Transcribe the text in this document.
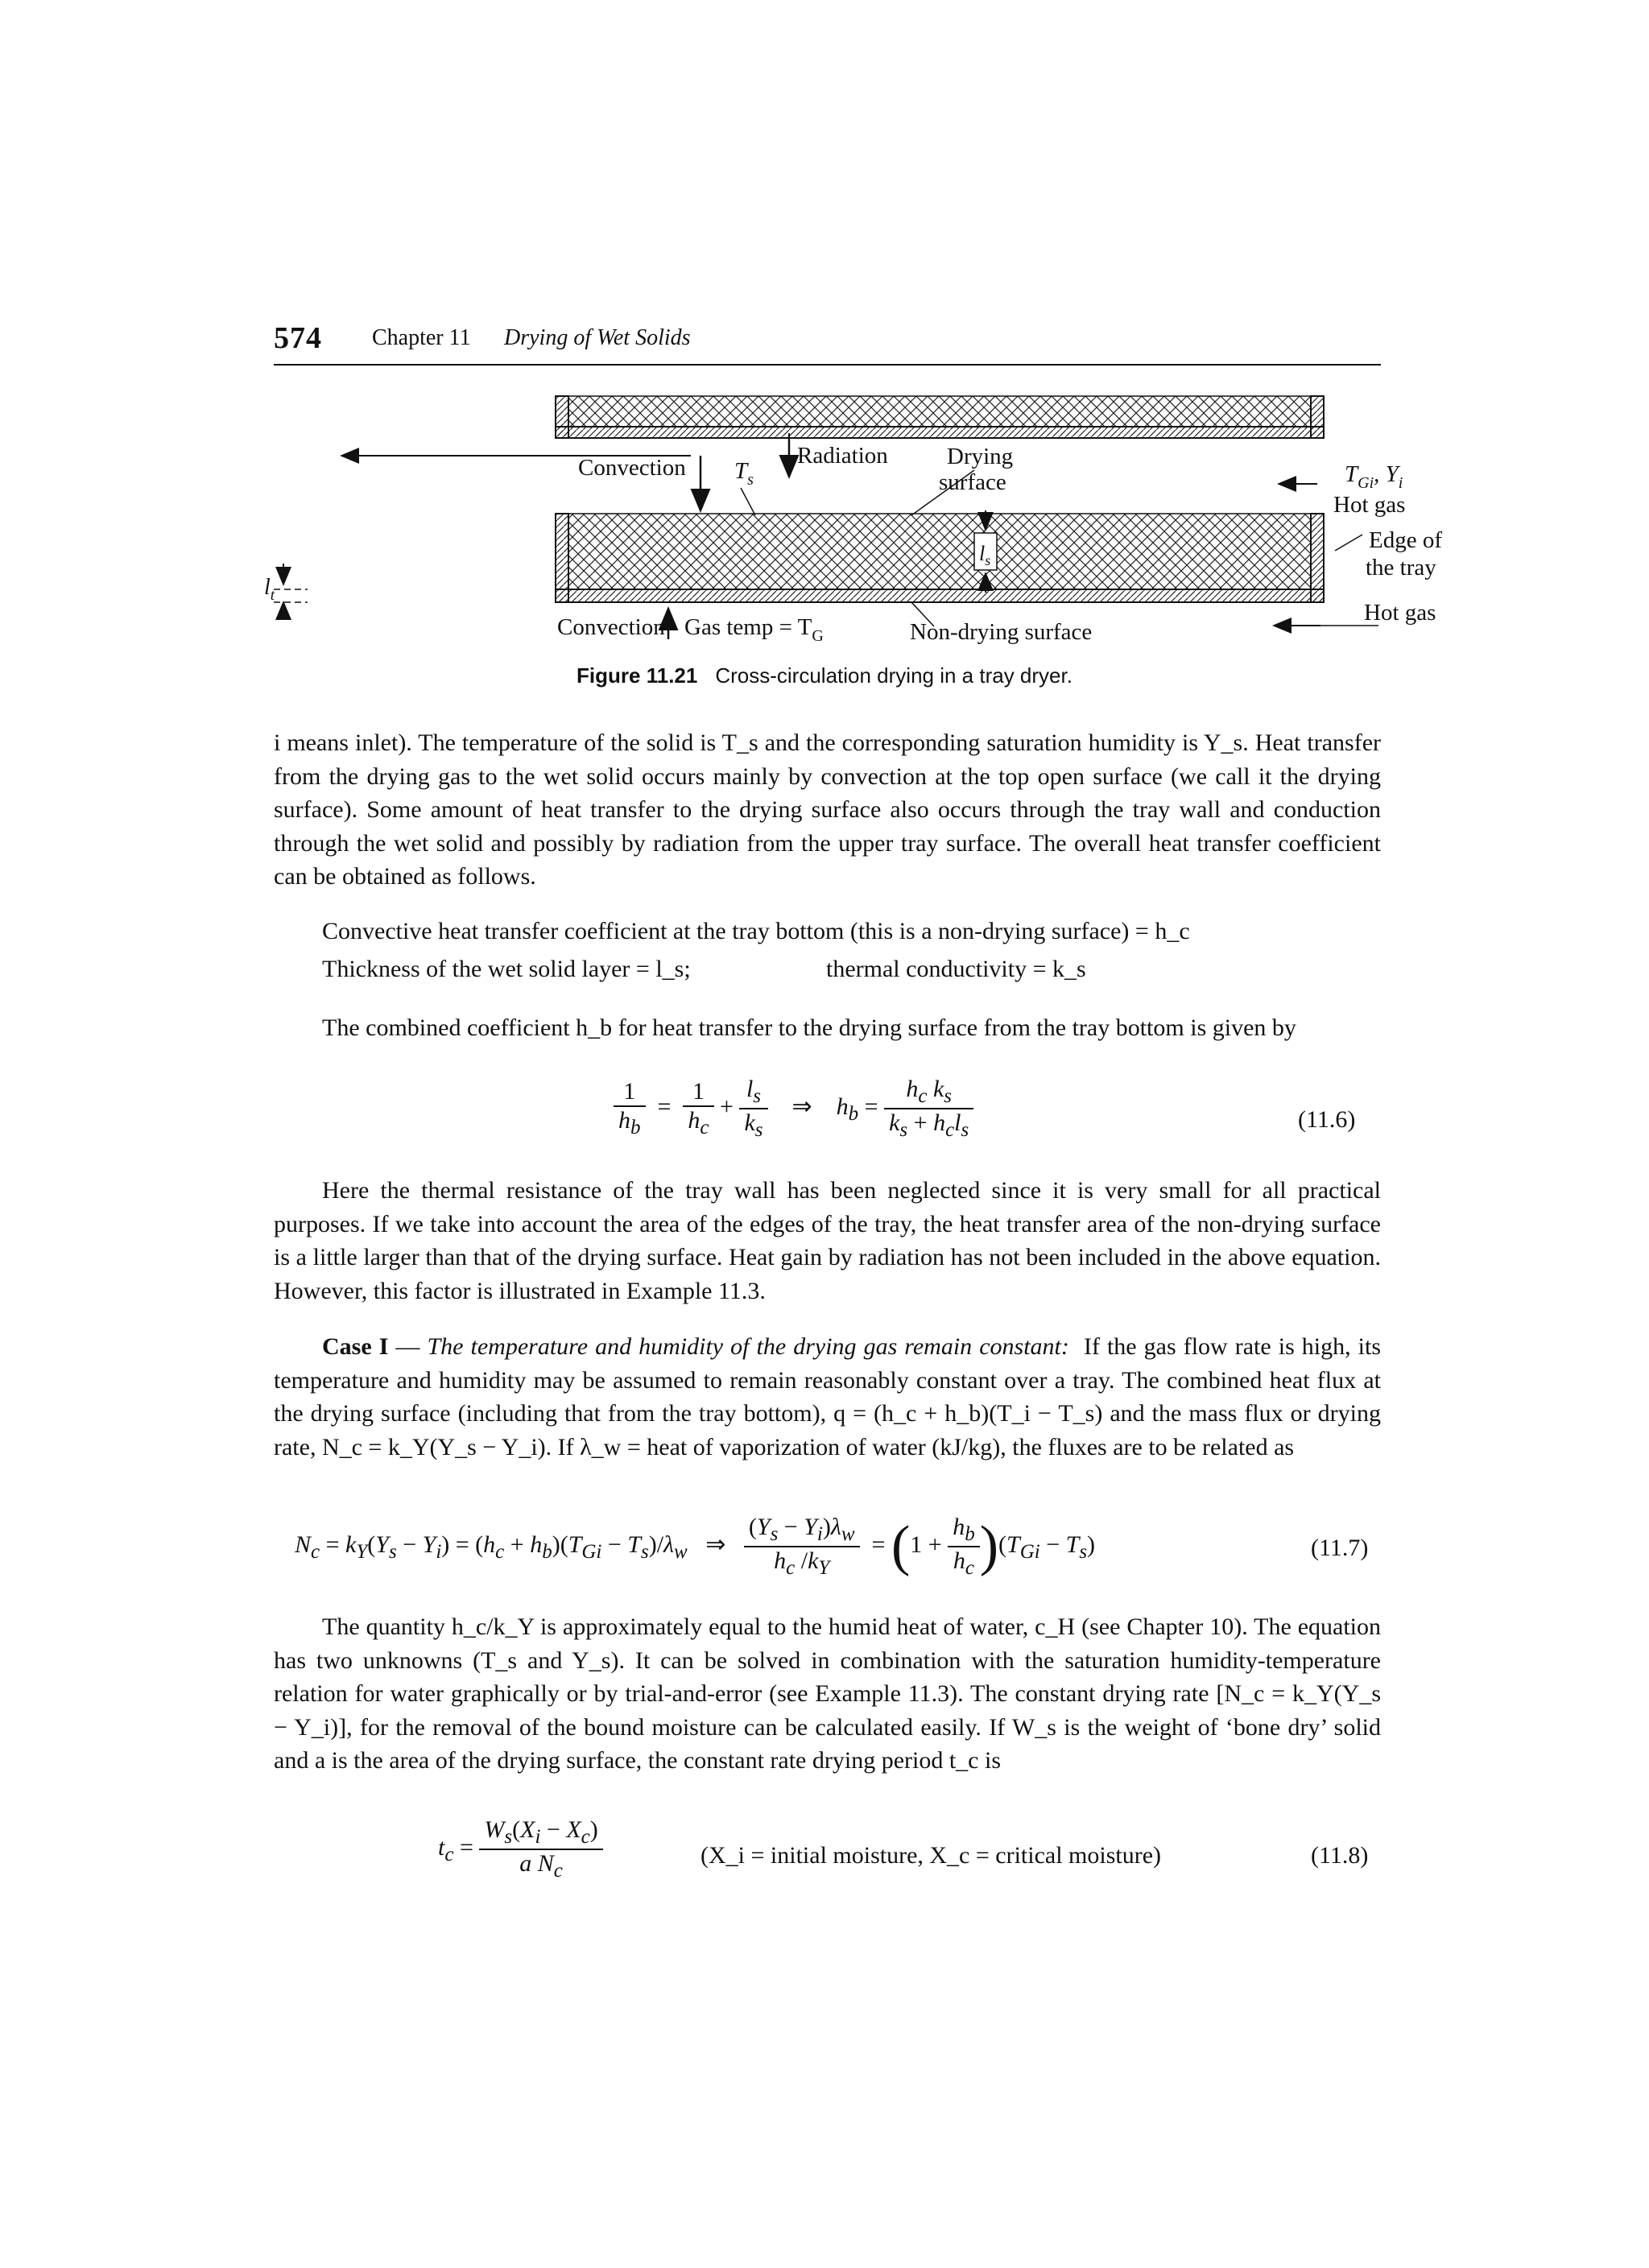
574 Chapter 11 Drying of Wet Solids
Convection $T_s$
Radiation	Drying
surface	$T_{Gi}$, $Y_i$
Hot gas
Edge of
the tray
Hot gas
$l_s$
$l_t$
Convection Gas temp = $T_G$	Non-drying surface
Figure 11.21 Cross-circulation drying in a tray dryer.
i means inlet). The temperature of the solid is T_s and the corresponding saturation humidity is Y_s. Heat transfer from the drying gas to the wet solid occurs mainly by convection at the top open surface (we call it the drying surface). Some amount of heat transfer to the drying surface also occurs through the tray wall and conduction through the wet solid and possibly by radiation from the upper tray surface. The overall heat transfer coefficient can be obtained as follows.
Convective heat transfer coefficient at the tray bottom (this is a non-drying surface) = h_c
Thickness of the wet solid layer = l_s;	thermal conductivity = k_s
The combined coefficient h_b for heat transfer to the drying surface from the tray bottom is given by
$\frac{1}{h_b} = \frac{1}{h_c} + \frac{l_s}{k_s}$ ⇒    $h_b = \frac{h_c k_s}{k_s + h_cl_s}$	(11.6)
Here the thermal resistance of the tray wall has been neglected since it is very small for all practical purposes. If we take into account the area of the edges of the tray, the heat transfer area of the non-drying surface is a little larger than that of the drying surface. Heat gain by radiation has not been included in the above equation. However, this factor is illustrated in Example 11.3.
Case I — The temperature and humidity of the drying gas remain constant: If the gas flow rate is high, its temperature and humidity may be assumed to remain reasonably constant over a tray. The combined heat flux at the drying surface (including that from the tray bottom), q = (h_c + h_b)(T_i − T_s) and the mass flux or drying rate, N_c = k_Y(Y_s − Y_i). If λ_w = heat of vaporization of water (kJ/kg), the fluxes are to be related as
$N_c = k_Y(Y_s - Y_i) = (h_c + h_b)(T_{Gi} - T_s)/\lambda_w$   ⇒ $\frac{(Y_s - Y_i)\lambda_w}{h_c /k_Y} = (1 + \frac{h_b}{h_c} )(T_{Gi} - T_s)$	(11.7)
The quantity h_c/k_Y is approximately equal to the humid heat of water, c_H (see Chapter 10). The equation has two unknowns (T_s and Y_s). It can be solved in combination with the saturation humidity-temperature relation for water graphically or by trial-and-error (see Example 11.3). The constant drying rate [N_c = k_Y(Y_s − Y_i)], for the removal of the bound moisture can be calculated easily. If W_s is the weight of ‘bone dry’ solid and a is the area of the drying surface, the constant rate drying period t_c is
$t_c = \frac{W_s(X_i - X_c)}{a N_c}$	(X_i = initial moisture, X_c = critical moisture)	(11.8)
